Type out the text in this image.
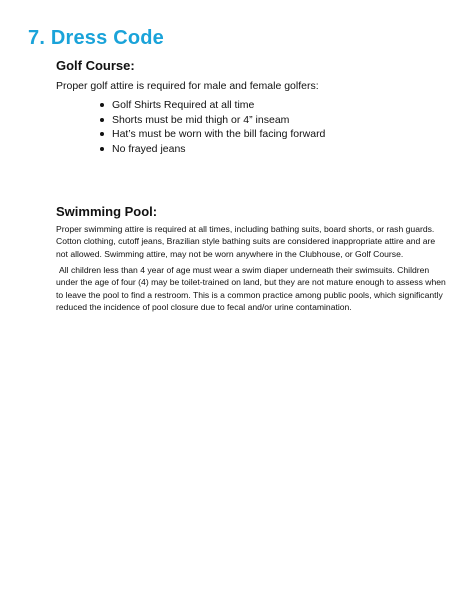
7. Dress Code
Golf Course:

Proper golf attire is required for male and female golfers:

Golf Shirts Required at all time
Shorts must be mid thigh or 4” inseam
Hat’s must be worn with the bill facing forward
No frayed jeans
Swimming Pool:

Proper swimming attire is required at all times, including bathing suits, board shorts, or rash guards. Cotton clothing, cutoff jeans, Brazilian style bathing suits are considered inappropriate attire and are not allowed. Swimming attire, may not be worn anywhere in the Clubhouse, or Golf Course.

All children less than 4 year of age must wear a swim diaper underneath their swimsuits. Children under the age of four (4) may be toilet-trained on land, but they are not mature enough to assess when to leave the pool to find a restroom. This is a common practice among public pools, which significantly reduced the incidence of pool closure due to fecal and/or urine contamination.
